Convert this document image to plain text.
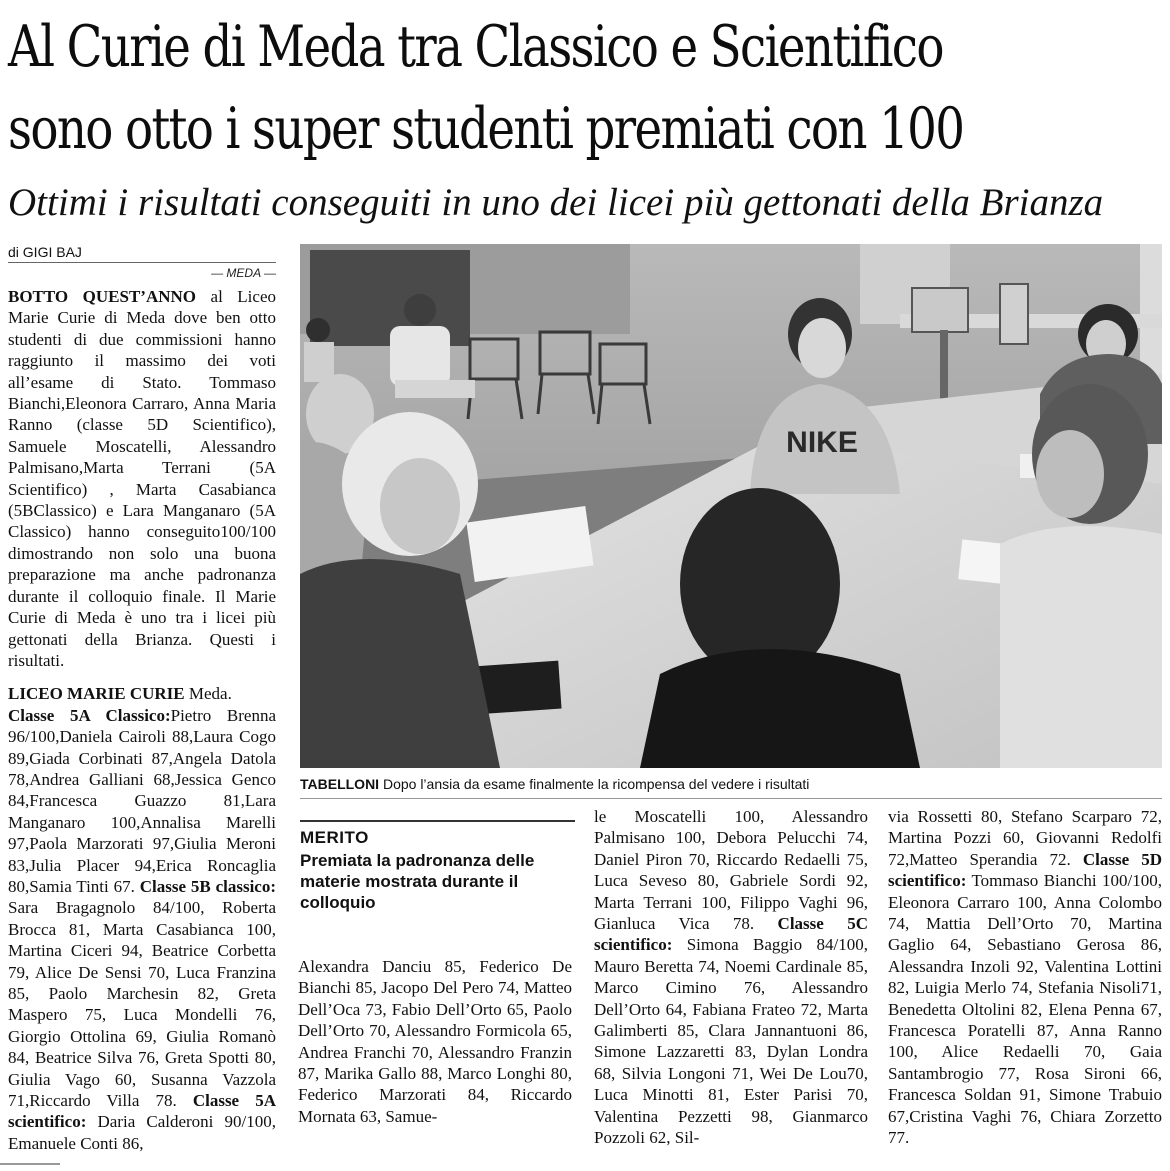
Al Curie di Meda tra Classico e Scientifico
sono otto i super studenti premiati con 100
Ottimi i risultati conseguiti in uno dei licei più gettonati della Brianza
di GIGI BAJ
— MEDA —

BOTTO QUEST’ANNO al Liceo Marie Curie di Meda dove ben otto studenti di due commissioni hanno raggiunto il massimo dei voti all’esame di Stato. Tommaso Bianchi,Eleonora Carraro, Anna Maria Ranno (classe 5D Scientifico), Samuele Moscatelli, Alessandro Palmisano,Marta Terrani (5A Scientifico) , Marta Casabianca (5BClassico) e Lara Manganaro (5A Classico) hanno conseguito100/100 dimostrando non solo una buona preparazione ma anche padronanza durante il colloquio finale. Il Marie Curie di Meda è uno tra i licei più gettonati della Brianza. Questi i risultati.

LICEO MARIE CURIE Meda.
Classe 5A Classico:Pietro Brenna 96/100,Daniela Cairoli 88,Laura Cogo 89,Giada Corbinati 87,Angela Datola 78,Andrea Galliani 68,Jessica Genco 84,Francesca Guazzo 81,Lara Manganaro 100,Annalisa Marelli 97,Paola Marzorati 97,Giulia Meroni 83,Julia Placer 94,Erica Roncaglia 80,Samia Tinti 67. Classe 5B classico: Sara Bragagnolo 84/100, Roberta Brocca 81, Marta Casabianca 100, Martina Ciceri 94, Beatrice Corbetta 79, Alice De Sensi 70, Luca Franzina 85, Paolo Marchesin 82, Greta Maspero 75, Luca Mondelli 76, Giorgio Ottolina 69, Giulia Romanò 84, Beatrice Silva 76, Greta Spotti 80, Giulia Vago 60, Susanna Vazzola 71,Riccardo Villa 78. Classe 5A scientifico: Daria Calderoni 90/100, Emanuele Conti 86,

NIKE
TABELLONI Dopo l’ansia da esame finalmente la ricompensa del vedere i risultati
MERITO
Premiata la padronanza delle materie mostrata durante il colloquio

Alexandra Danciu 85, Federico De Bianchi 85, Jacopo Del Pero 74, Matteo Dell’Oca 73, Fabio Dell’Orto 65, Paolo Dell’Orto 70, Alessandro Formicola 65, Andrea Franchi 70, Alessandro Franzin 87, Marika Gallo 88, Marco Longhi 80, Federico Marzorati 84, Riccardo Mornata 63, Samue-

le Moscatelli 100, Alessandro Palmisano 100, Debora Pelucchi 74, Daniel Piron 70, Riccardo Redaelli 75, Luca Seveso 80, Gabriele Sordi 92, Marta Terrani 100, Filippo Vaghi 96, Gianluca Vica 78. Classe 5C scientifico: Simona Baggio 84/100, Mauro Beretta 74, Noemi Cardinale 85, Marco Cimino 76, Alessandro Dell’Orto 64, Fabiana Frateo 72, Marta Galimberti 85, Clara Jannantuoni 86, Simone Lazzaretti 83, Dylan Londra 68, Silvia Longoni 71, Wei De Lou70, Luca Minotti 81, Ester Parisi 70, Valentina Pezzetti 98, Gianmarco Pozzoli 62, Sil-

via Rossetti 80, Stefano Scarparo 72, Martina Pozzi 60, Giovanni Redolfi 72,Matteo Sperandia 72. Classe 5D scientifico: Tommaso Bianchi 100/100, Eleonora Carraro 100, Anna Colombo 74, Mattia Dell’Orto 70, Martina Gaglio 64, Sebastiano Gerosa 86, Alessandra Inzoli 92, Valentina Lottini 82, Luigia Merlo 74, Stefania Nisoli71, Benedetta Oltolini 82, Elena Penna 67, Francesca Poratelli 87, Anna Ranno 100, Alice Redaelli 70, Gaia Santambrogio 77, Rosa Sironi 66, Francesca Soldan 91, Simone Trabuio 67,Cristina Vaghi 76, Chiara Zorzetto 77.
